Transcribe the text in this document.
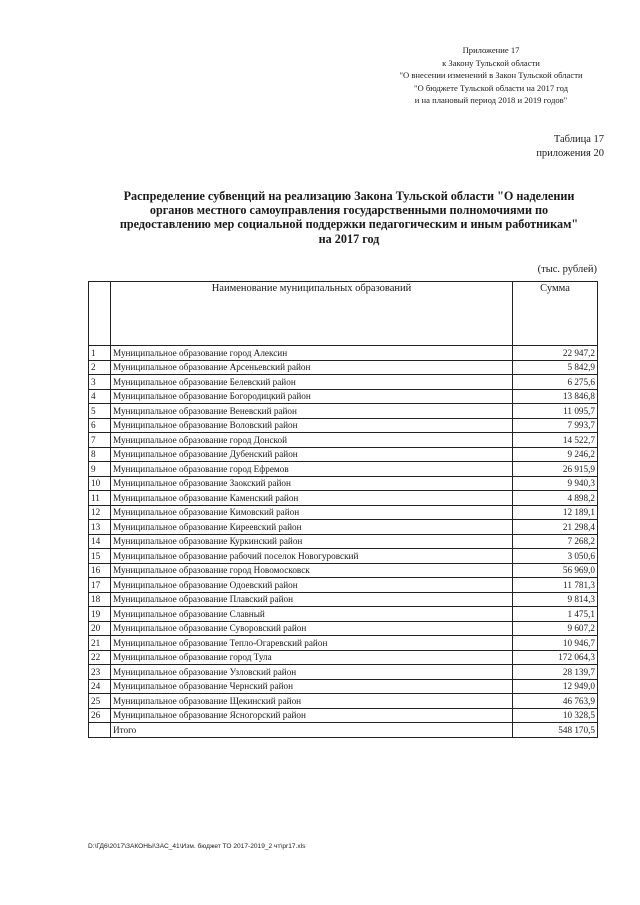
Приложение 17
к Закону Тульской области
"О внесении изменений в Закон Тульской области
"О бюджете Тульской области на 2017 год
и на плановый период 2018 и 2019 годов"
Таблица 17
приложения 20
Распределение субвенций на реализацию Закона Тульской области "О наделении
органов местного самоуправления государственными полномочиями по
предоставлению мер социальной поддержки педагогическим и иным работникам"
на 2017 год
(тыс. рублей)
	Наименование муниципальных образований	Сумма
1	Муниципальное образование город Алексин	22 947,2
2	Муниципальное образование Арсеньевский район	5 842,9
3	Муниципальное образование Белевский район	6 275,6
4	Муниципальное образование Богородицкий район	13 846,8
5	Муниципальное образование Веневский район	11 095,7
6	Муниципальное образование Воловский район	7 993,7
7	Муниципальное образование город Донской	14 522,7
8	Муниципальное образование Дубенский район	9 246,2
9	Муниципальное образование город Ефремов	26 915,9
10	Муниципальное образование Заокский район	9 940,3
11	Муниципальное образование Каменский район	4 898,2
12	Муниципальное образование Кимовский район	12 189,1
13	Муниципальное образование Киреевский район	21 298,4
14	Муниципальное образование Куркинский район	7 268,2
15	Муниципальное образование рабочий поселок Новогуровский	3 050,6
16	Муниципальное образование город Новомосковск	56 969,0
17	Муниципальное образование Одоевский район	11 781,3
18	Муниципальное образование Плавский район	9 814,3
19	Муниципальное образование Славный	1 475,1
20	Муниципальное образование Суворовский район	9 607,2
21	Муниципальное образование Тепло-Огаревский район	10 946,7
22	Муниципальное образование город Тула	172 064,3
23	Муниципальное образование Узловский район	28 139,7
24	Муниципальное образование Чернский район	12 949,0
25	Муниципальное образование Щекинский район	46 763,9
26	Муниципальное образование Ясногорский район	10 328,5
	Итого	548 170,5
D:\ГД6\2017\ЗАКОНЫ\ЗАС_41\Изм. бюджет ТО 2017-2019_2 чт\pr17.xls
